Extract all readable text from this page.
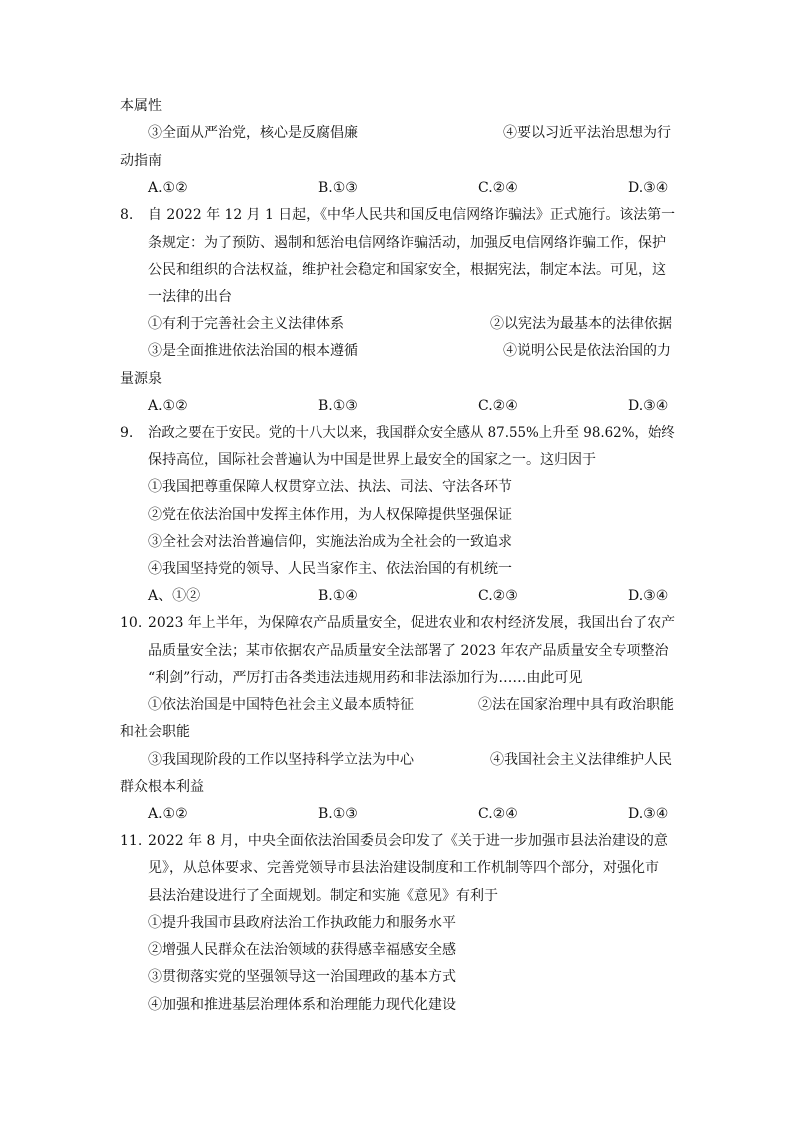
本属性
③全面从严治党，核心是反腐倡廉	④要以习近平法治思想为行
动指南
A.①②	B.①③	C.②④	D.③④
8. 自 2022 年 12 月 1 日起，《中华人民共和国反电信网络诈骗法》正式施行。该法第一
条规定：为了预防、遏制和惩治电信网络诈骗活动，加强反电信网络诈骗工作，保护
公民和组织的合法权益，维护社会稳定和国家安全，根据宪法，制定本法。可见，这
一法律的出台
①有利于完善社会主义法律体系	②以宪法为最基本的法律依据
③是全面推进依法治国的根本遵循	④说明公民是依法治国的力
量源泉
A.①②	B.①③	C.②④	D.③④
9. 治政之要在于安民。党的十八大以来，我国群众安全感从 87.55%上升至 98.62%，始终
保持高位，国际社会普遍认为中国是世界上最安全的国家之一。这归因于
①我国把尊重保障人权贯穿立法、执法、司法、守法各环节
②党在依法治国中发挥主体作用，为人权保障提供坚强保证
③全社会对法治普遍信仰，实施法治成为全社会的一致追求
④我国坚持党的领导、人民当家作主、依法治国的有机统一
A、①②	B.①④	C.②③	D.③④
10. 2023 年上半年，为保障农产品质量安全，促进农业和农村经济发展，我国出台了农产
品质量安全法；某市依据农产品质量安全法部署了 2023 年农产品质量安全专项整治
“利剑”行动，严厉打击各类违法违规用药和非法添加行为……由此可见
①依法治国是中国特色社会主义最本质特征	②法在国家治理中具有政治职能
和社会职能
③我国现阶段的工作以坚持科学立法为中心	④我国社会主义法律维护人民
群众根本利益
A.①②	B.①③	C.②④	D.③④
11. 2022 年 8 月，中央全面依法治国委员会印发了《关于进一步加强市县法治建设的意
见》，从总体要求、完善党领导市县法治建设制度和工作机制等四个部分，对强化市
县法治建设进行了全面规划。制定和实施《意见》有利于
①提升我国市县政府法治工作执政能力和服务水平
②增强人民群众在法治领域的获得感幸福感安全感
③贯彻落实党的坚强领导这一治国理政的基本方式
④加强和推进基层治理体系和治理能力现代化建设
